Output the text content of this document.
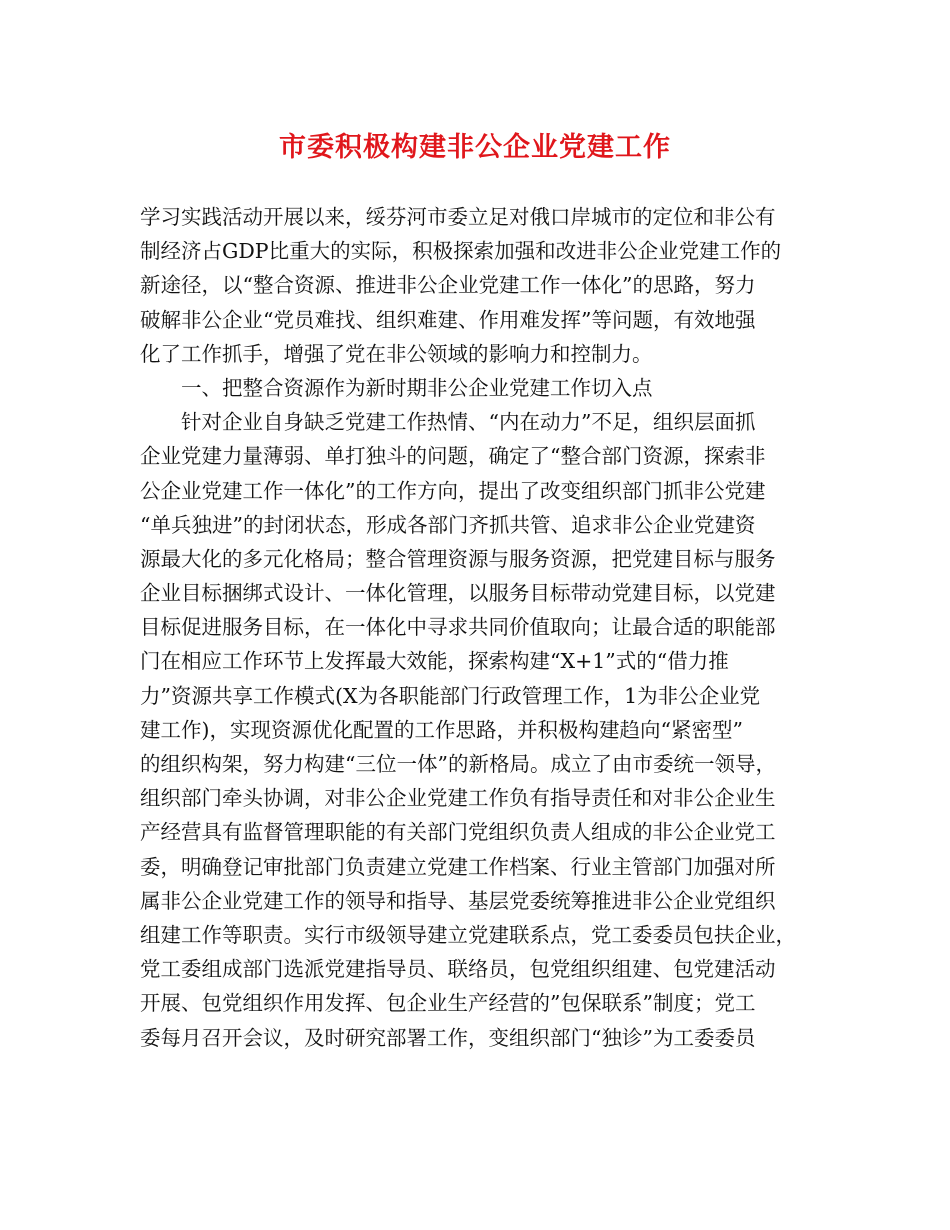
市委积极构建非公企业党建工作
学习实践活动开展以来，绥芬河市委立足对俄口岸城市的定位和非公有
制经济占GDP比重大的实际，积极探索加强和改进非公企业党建工作的
新途径，以“整合资源、推进非公企业党建工作一体化”的思路，努力
破解非公企业“党员难找、组织难建、作用难发挥”等问题，有效地强
化了工作抓手，增强了党在非公领域的影响力和控制力。
一、把整合资源作为新时期非公企业党建工作切入点
针对企业自身缺乏党建工作热情、“内在动力”不足，组织层面抓
企业党建力量薄弱、单打独斗的问题，确定了“整合部门资源，探索非
公企业党建工作一体化”的工作方向，提出了改变组织部门抓非公党建
“单兵独进”的封闭状态，形成各部门齐抓共管、追求非公企业党建资
源最大化的多元化格局；整合管理资源与服务资源，把党建目标与服务
企业目标捆绑式设计、一体化管理，以服务目标带动党建目标，以党建
目标促进服务目标，在一体化中寻求共同价值取向；让最合适的职能部
门在相应工作环节上发挥最大效能，探索构建“X+1”式的“借力推
力”资源共享工作模式(X为各职能部门行政管理工作，1为非公企业党
建工作)，实现资源优化配置的工作思路，并积极构建趋向“紧密型”
的组织构架，努力构建“三位一体”的新格局。成立了由市委统一领导，
组织部门牵头协调，对非公企业党建工作负有指导责任和对非公企业生
产经营具有监督管理职能的有关部门党组织负责人组成的非公企业党工
委，明确登记审批部门负责建立党建工作档案、行业主管部门加强对所
属非公企业党建工作的领导和指导、基层党委统筹推进非公企业党组织
组建工作等职责。实行市级领导建立党建联系点，党工委委员包扶企业，
党工委组成部门选派党建指导员、联络员，包党组织组建、包党建活动
开展、包党组织作用发挥、包企业生产经营的”包保联系”制度；党工
委每月召开会议，及时研究部署工作，变组织部门“独诊”为工委委员
